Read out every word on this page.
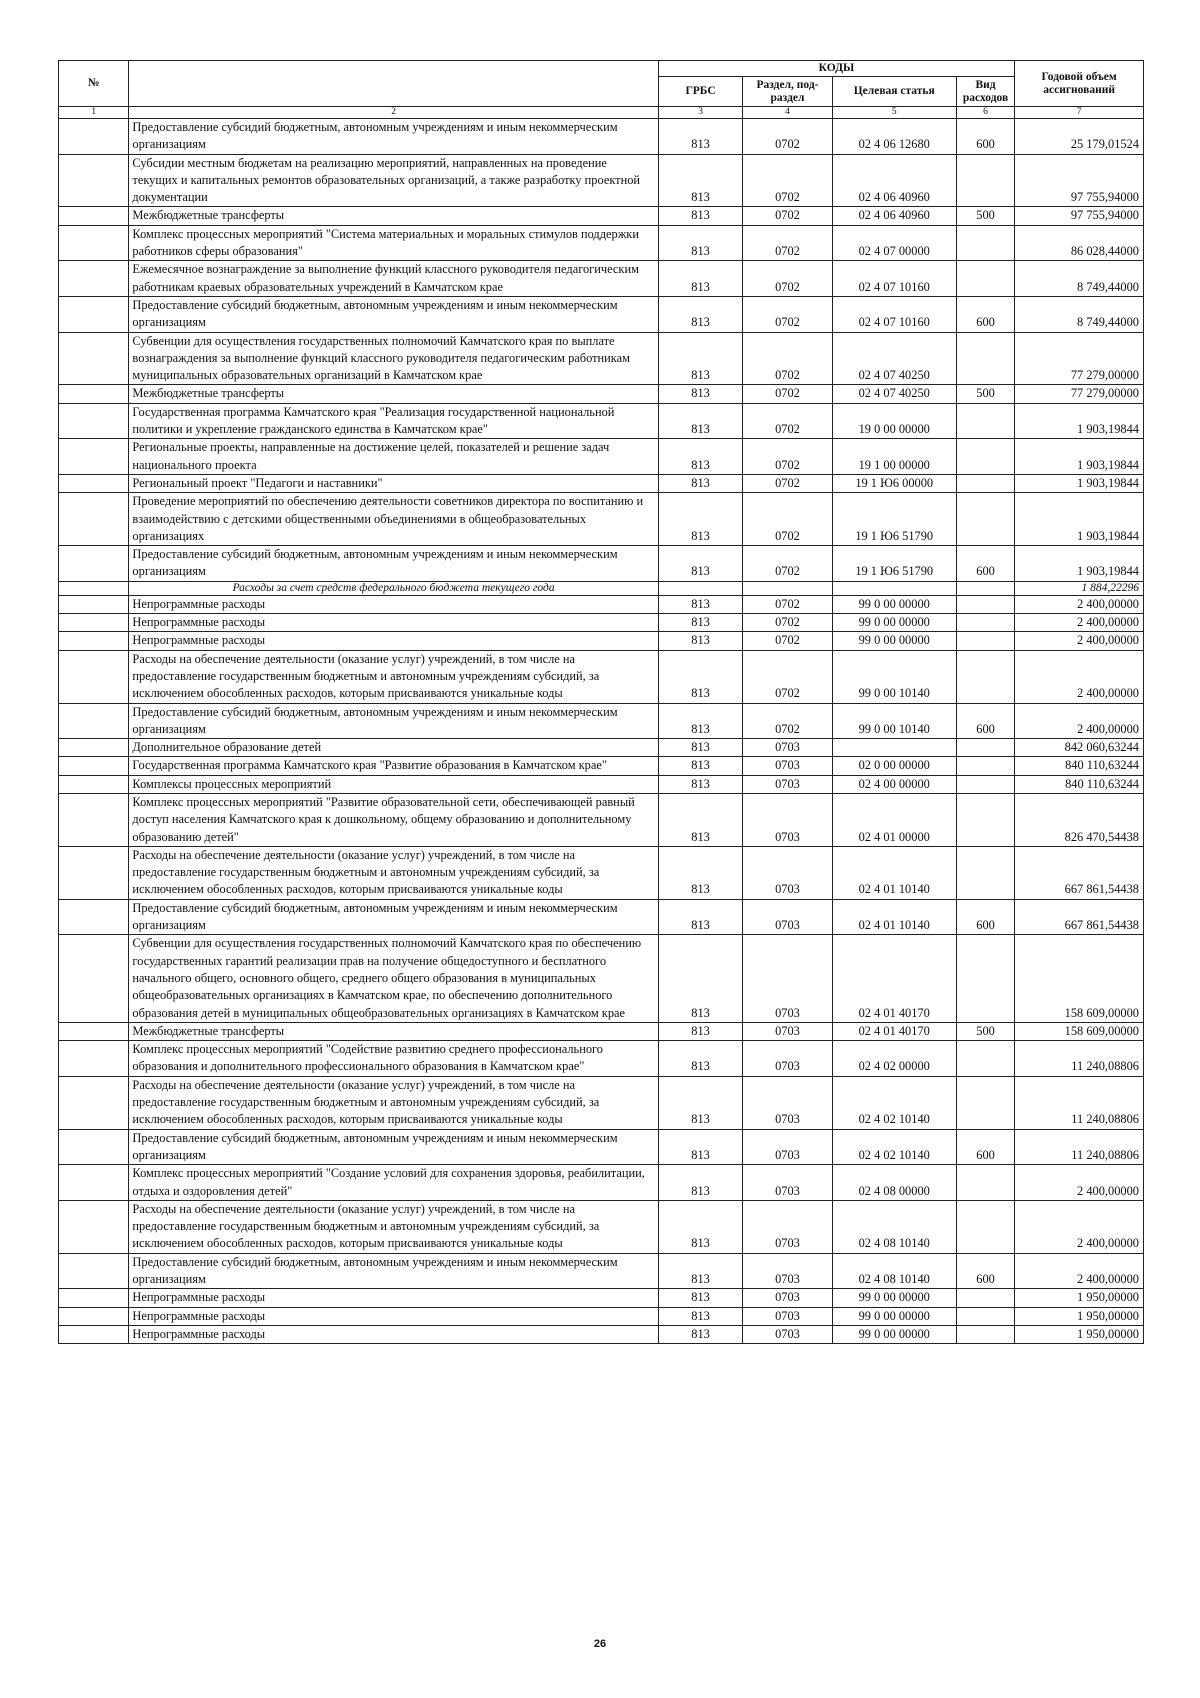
№		КОДЫ				Годовой объем ассигнований
		ГРБС	Раздел, под-раздел	Целевая статья	Вид расходов	
1	2	3	4	5	6	7
	Предоставление субсидий бюджетным, автономным учреждениям и иным некоммерческим организациям	813	0702	02 4 06 12680	600	25 179,01524
	Субсидии местным бюджетам на реализацию мероприятий, направленных на проведение текущих и капитальных ремонтов образовательных организаций, а также разработку проектной документации	813	0702	02 4 06 40960		97 755,94000
	Межбюджетные трансферты	813	0702	02 4 06 40960	500	97 755,94000
	Комплекс процессных мероприятий "Система материальных и моральных стимулов поддержки работников сферы образования"	813	0702	02 4 07 00000		86 028,44000
	Ежемесячное вознаграждение за выполнение функций классного руководителя педагогическим работникам краевых образовательных учреждений в Камчатском крае	813	0702	02 4 07 10160		8 749,44000
	Предоставление субсидий бюджетным, автономным учреждениям и иным некоммерческим организациям	813	0702	02 4 07 10160	600	8 749,44000
	Субвенции для осуществления государственных полномочий Камчатского края по выплате вознаграждения за выполнение функций классного руководителя педагогическим работникам муниципальных образовательных организаций в Камчатском крае	813	0702	02 4 07 40250		77 279,00000
	Межбюджетные трансферты	813	0702	02 4 07 40250	500	77 279,00000
	Государственная программа Камчатского края "Реализация государственной национальной политики и укрепление гражданского единства в Камчатском крае"	813	0702	19 0 00 00000		1 903,19844
	Региональные проекты, направленные на достижение целей, показателей и решение задач национального проекта	813	0702	19 1 00 00000		1 903,19844
	Региональный проект "Педагоги и наставники"	813	0702	19 1 Ю6 00000		1 903,19844
	Проведение мероприятий по обеспечению деятельности советников директора по воспитанию и взаимодействию с детскими общественными объединениями в общеобразовательных организациях	813	0702	19 1 Ю6 51790		1 903,19844
	Предоставление субсидий бюджетным, автономным учреждениям и иным некоммерческим организациям	813	0702	19 1 Ю6 51790	600	1 903,19844
	Расходы за счет средств федерального бюджета текущего года					1 884,22296
	Непрограммные расходы	813	0702	99 0 00 00000		2 400,00000
	Непрограммные расходы	813	0702	99 0 00 00000		2 400,00000
	Непрограммные расходы	813	0702	99 0 00 00000		2 400,00000
	Расходы на обеспечение деятельности (оказание услуг) учреждений, в том числе на предоставление государственным бюджетным и автономным учреждениям субсидий, за исключением обособленных расходов, которым присваиваются уникальные коды	813	0702	99 0 00 10140		2 400,00000
	Предоставление субсидий бюджетным, автономным учреждениям и иным некоммерческим организациям	813	0702	99 0 00 10140	600	2 400,00000
	Дополнительное образование детей	813	0703			842 060,63244
	Государственная программа Камчатского края "Развитие образования в Камчатском крае"	813	0703	02 0 00 00000		840 110,63244
	Комплексы процессных мероприятий	813	0703	02 4 00 00000		840 110,63244
	Комплекс процессных мероприятий "Развитие образовательной сети, обеспечивающей равный доступ населения Камчатского края к дошкольному, общему образованию и дополнительному образованию детей"	813	0703	02 4 01 00000		826 470,54438
	Расходы на обеспечение деятельности (оказание услуг) учреждений, в том числе на предоставление государственным бюджетным и автономным учреждениям субсидий, за исключением обособленных расходов, которым присваиваются уникальные коды	813	0703	02 4 01 10140		667 861,54438
	Предоставление субсидий бюджетным, автономным учреждениям и иным некоммерческим организациям	813	0703	02 4 01 10140	600	667 861,54438
	Субвенции для осуществления государственных полномочий Камчатского края по обеспечению государственных гарантий реализации прав на получение общедоступного и бесплатного начального общего, основного общего, среднего общего образования в муниципальных общеобразовательных организациях в Камчатском крае, по обеспечению дополнительного образования детей в муниципальных общеобразовательных организациях в Камчатском крае	813	0703	02 4 01 40170		158 609,00000
	Межбюджетные трансферты	813	0703	02 4 01 40170	500	158 609,00000
	Комплекс процессных мероприятий "Содействие развитию среднего профессионального образования и дополнительного профессионального образования в Камчатском крае"	813	0703	02 4 02 00000		11 240,08806
	Расходы на обеспечение деятельности (оказание услуг) учреждений, в том числе на предоставление государственным бюджетным и автономным учреждениям субсидий, за исключением обособленных расходов, которым присваиваются уникальные коды	813	0703	02 4 02 10140		11 240,08806
	Предоставление субсидий бюджетным, автономным учреждениям и иным некоммерческим организациям	813	0703	02 4 02 10140	600	11 240,08806
	Комплекс процессных мероприятий "Создание условий для сохранения здоровья, реабилитации, отдыха и оздоровления детей"	813	0703	02 4 08 00000		2 400,00000
	Расходы на обеспечение деятельности (оказание услуг) учреждений, в том числе на предоставление государственным бюджетным и автономным учреждениям субсидий, за исключением обособленных расходов, которым присваиваются уникальные коды	813	0703	02 4 08 10140		2 400,00000
	Предоставление субсидий бюджетным, автономным учреждениям и иным некоммерческим организациям	813	0703	02 4 08 10140	600	2 400,00000
	Непрограммные расходы	813	0703	99 0 00 00000		1 950,00000
	Непрограммные расходы	813	0703	99 0 00 00000		1 950,00000
	Непрограммные расходы	813	0703	99 0 00 00000		1 950,00000
26
